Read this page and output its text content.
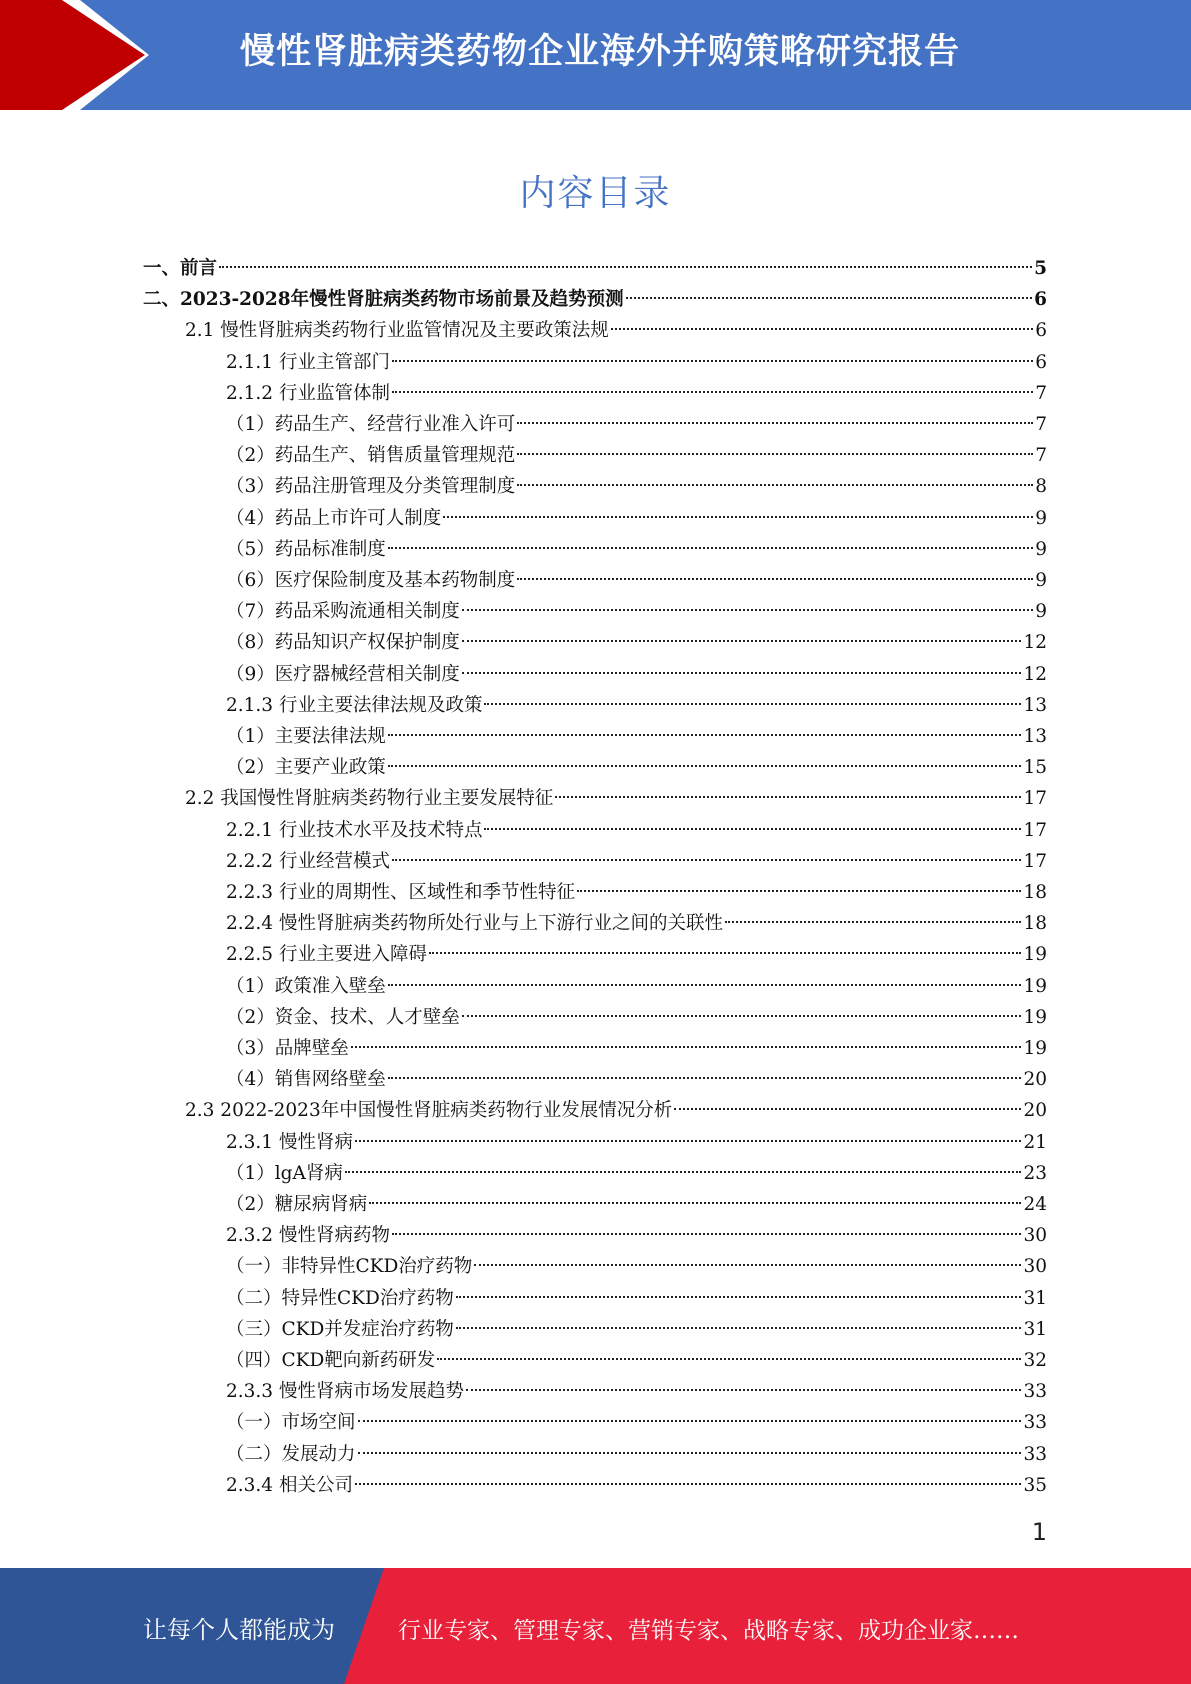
慢性肾脏病类药物企业海外并购策略研究报告
内容目录
一、前言	5
二、2023-2028年慢性肾脏病类药物市场前景及趋势预测	6
2.1 慢性肾脏病类药物行业监管情况及主要政策法规	6
2.1.1 行业主管部门	6
2.1.2 行业监管体制	7
（1）药品生产、经营行业准入许可	7
（2）药品生产、销售质量管理规范	7
（3）药品注册管理及分类管理制度	8
（4）药品上市许可人制度	9
（5）药品标准制度	9
（6）医疗保险制度及基本药物制度	9
（7）药品采购流通相关制度	9
（8）药品知识产权保护制度	12
（9）医疗器械经营相关制度	12
2.1.3 行业主要法律法规及政策	13
（1）主要法律法规	13
（2）主要产业政策	15
2.2 我国慢性肾脏病类药物行业主要发展特征	17
2.2.1 行业技术水平及技术特点	17
2.2.2 行业经营模式	17
2.2.3 行业的周期性、区域性和季节性特征	18
2.2.4 慢性肾脏病类药物所处行业与上下游行业之间的关联性	18
2.2.5 行业主要进入障碍	19
（1）政策准入壁垒	19
（2）资金、技术、人才壁垒	19
（3）品牌壁垒	19
（4）销售网络壁垒	20
2.3 2022-2023年中国慢性肾脏病类药物行业发展情况分析	20
2.3.1 慢性肾病	21
（1）lgA肾病	23
（2）糖尿病肾病	24
2.3.2 慢性肾病药物	30
（一）非特异性CKD治疗药物	30
（二）特异性CKD治疗药物	31
（三）CKD并发症治疗药物	31
（四）CKD靶向新药研发	32
2.3.3 慢性肾病市场发展趋势	33
（一）市场空间	33
（二）发展动力	33
2.3.4 相关公司	35
1
让每个人都能成为	行业专家、管理专家、营销专家、战略专家、成功企业家……
